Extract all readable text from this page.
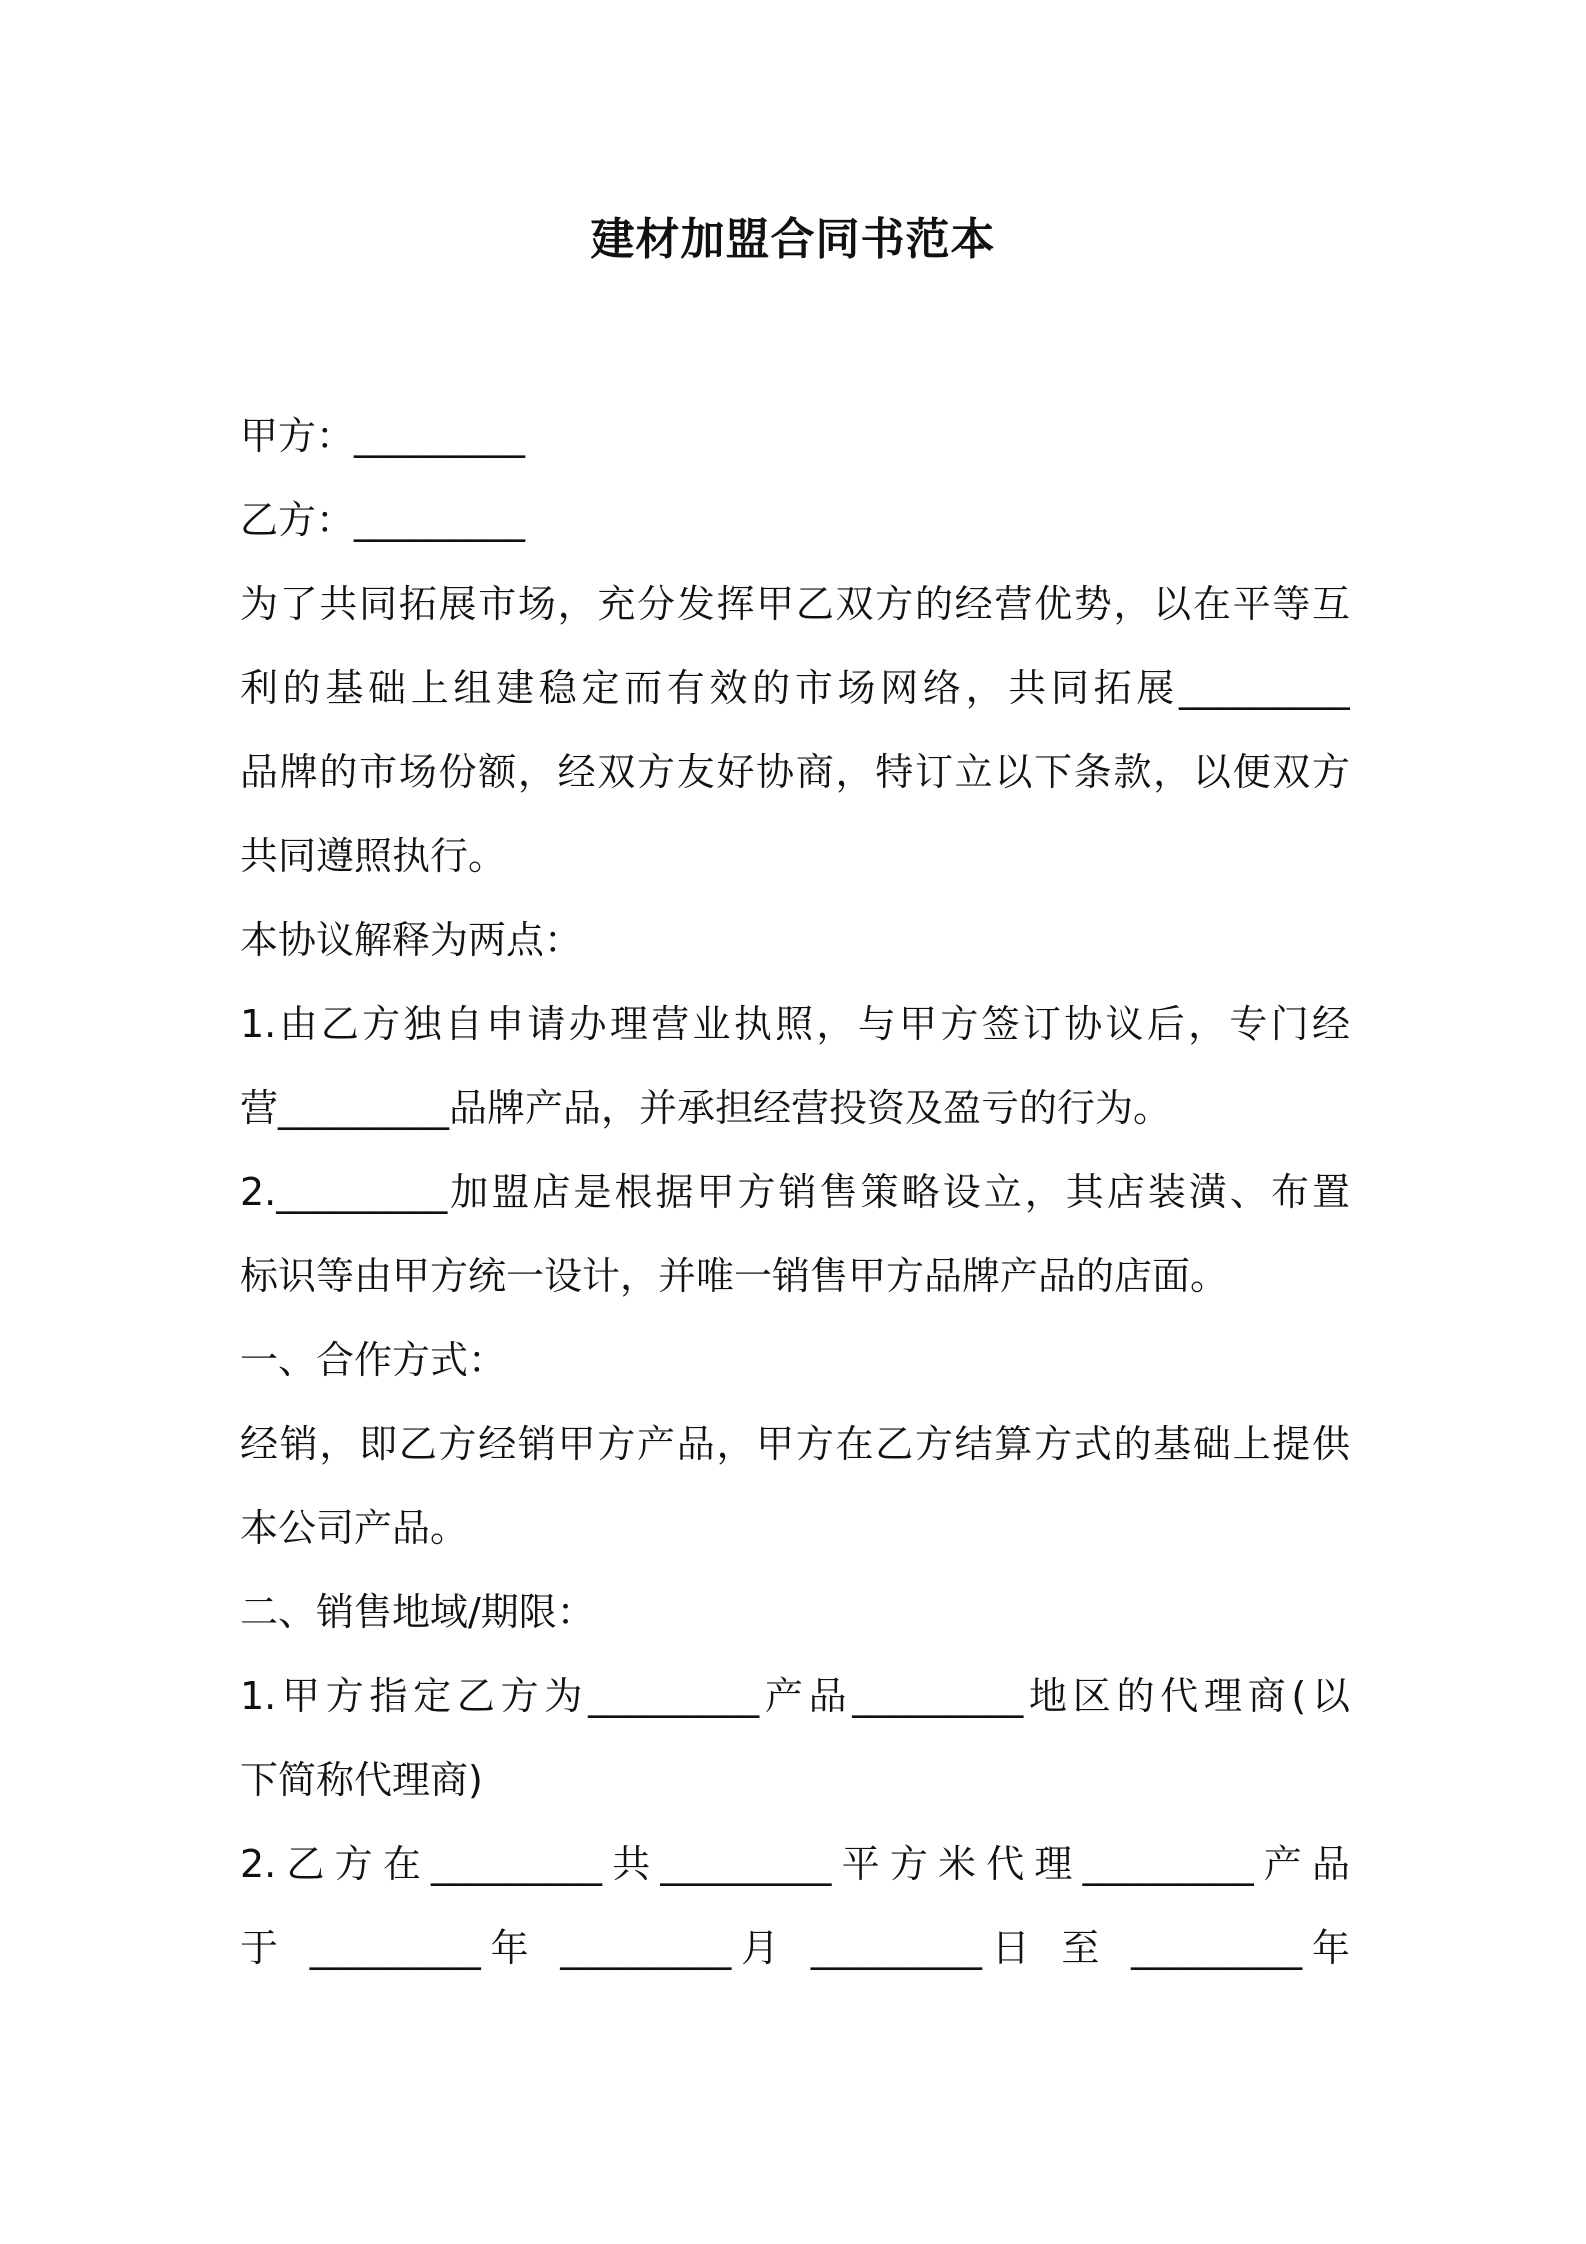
建材加盟合同书范本
甲方：_________
乙方：_________
为了共同拓展市场，充分发挥甲乙双方的经营优势，以在平等互
利的基础上组建稳定而有效的市场网络，共同拓展_________
品牌的市场份额，经双方友好协商，特订立以下条款，以便双方
共同遵照执行。
本协议解释为两点：
1.由乙方独自申请办理营业执照，与甲方签订协议后，专门经
营_________品牌产品，并承担经营投资及盈亏的行为。
2._________加盟店是根据甲方销售策略设立，其店装潢、布置
标识等由甲方统一设计，并唯一销售甲方品牌产品的店面。
一、合作方式：
经销，即乙方经销甲方产品，甲方在乙方结算方式的基础上提供
本公司产品。
二、销售地域/期限：
1.甲方指定乙方为_________产品_________地区的代理商(以
下简称代理商)
2.乙方在_________共_________平方米代理_________产品
于 _________年 _________月 _________日 至 _________年
